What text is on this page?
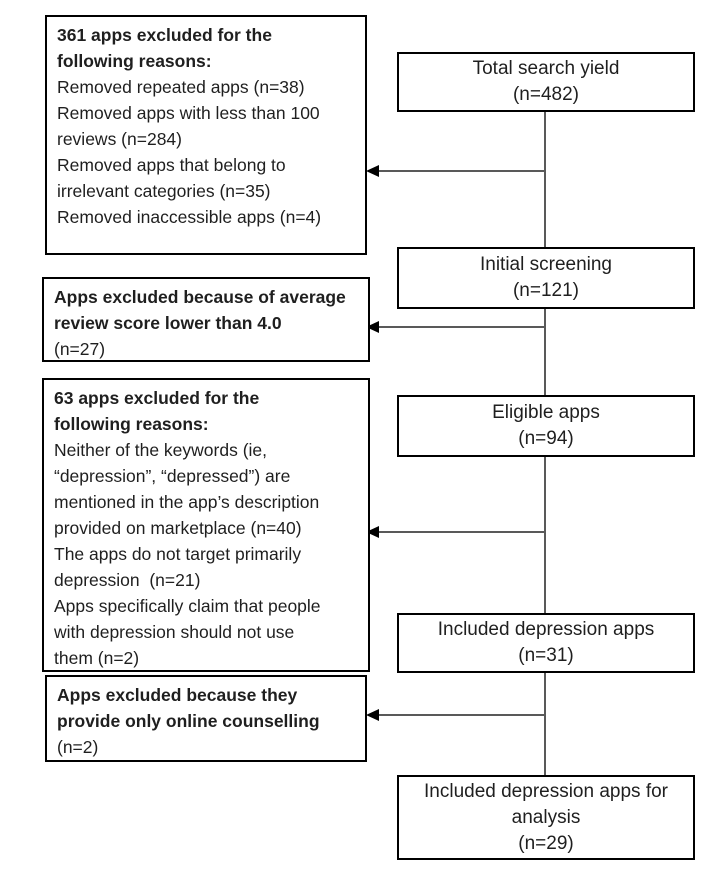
Total search yield
(n=482)
Initial screening
(n=121)
Eligible apps
(n=94)
Included depression apps
(n=31)
Included depression apps for
analysis
(n=29)
361 apps excluded for the
following reasons:
Removed repeated apps (n=38)
Removed apps with less than 100
reviews (n=284)
Removed apps that belong to
irrelevant categories (n=35)
Removed inaccessible apps (n=4)
Apps excluded because of average
review score lower than 4.0
(n=27)
63 apps excluded for the
following reasons:
Neither of the keywords (ie,
“depression”, “depressed”) are
mentioned in the app’s description
provided on marketplace (n=40)
The apps do not target primarily
depression  (n=21)
Apps specifically claim that people
with depression should not use
them (n=2)
Apps excluded because they
provide only online counselling
(n=2)
